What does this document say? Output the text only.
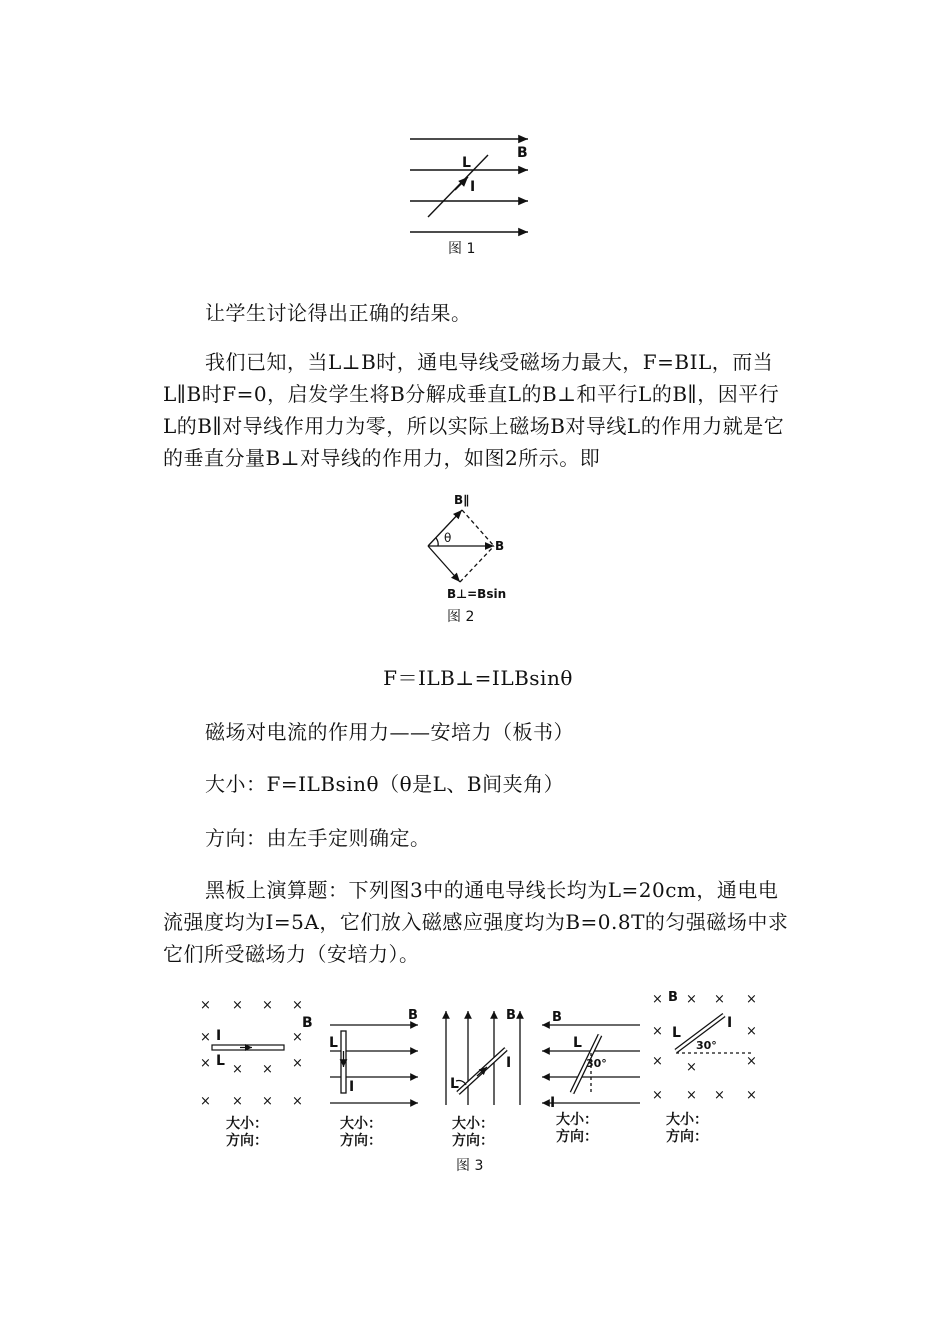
L
B
I
图 1
让学生讨论得出正确的结果。
我们已知，当L⊥B时，通电导线受磁场力最大，F=BIL，而当L∥B时F=0，启发学生将B分解成垂直L的B⊥和平行L的B∥，因平行L的B∥对导线作用力为零，所以实际上磁场B对导线L的作用力就是它的垂直分量B⊥对导线的作用力，如图2所示。即
B∥
θ
B
B⊥=Bsin
图 2
F＝ILB⊥=ILBsinθ
磁场对电流的作用力——安培力（板书）
大小：F=ILBsinθ（θ是L、B间夹角）
方向：由左手定则确定。
黑板上演算题：下列图3中的通电导线长均为L=20cm，通电电流强度均为I=5A，它们放入磁感应强度均为B=0.8T的匀强磁场中求它们所受磁场力（安培力）。
× × × ×
×	×
× × × ×
× × × ×
I
L
B	B
L
I
B
L
I
B
L
I
30°
× × × ×
×	×
× ×	×
× × × ×
B
L
I
30°
大小：
方向：
大小：
方向：
大小：
方向：
大小：
方向：
大小：
方向：
图 3
